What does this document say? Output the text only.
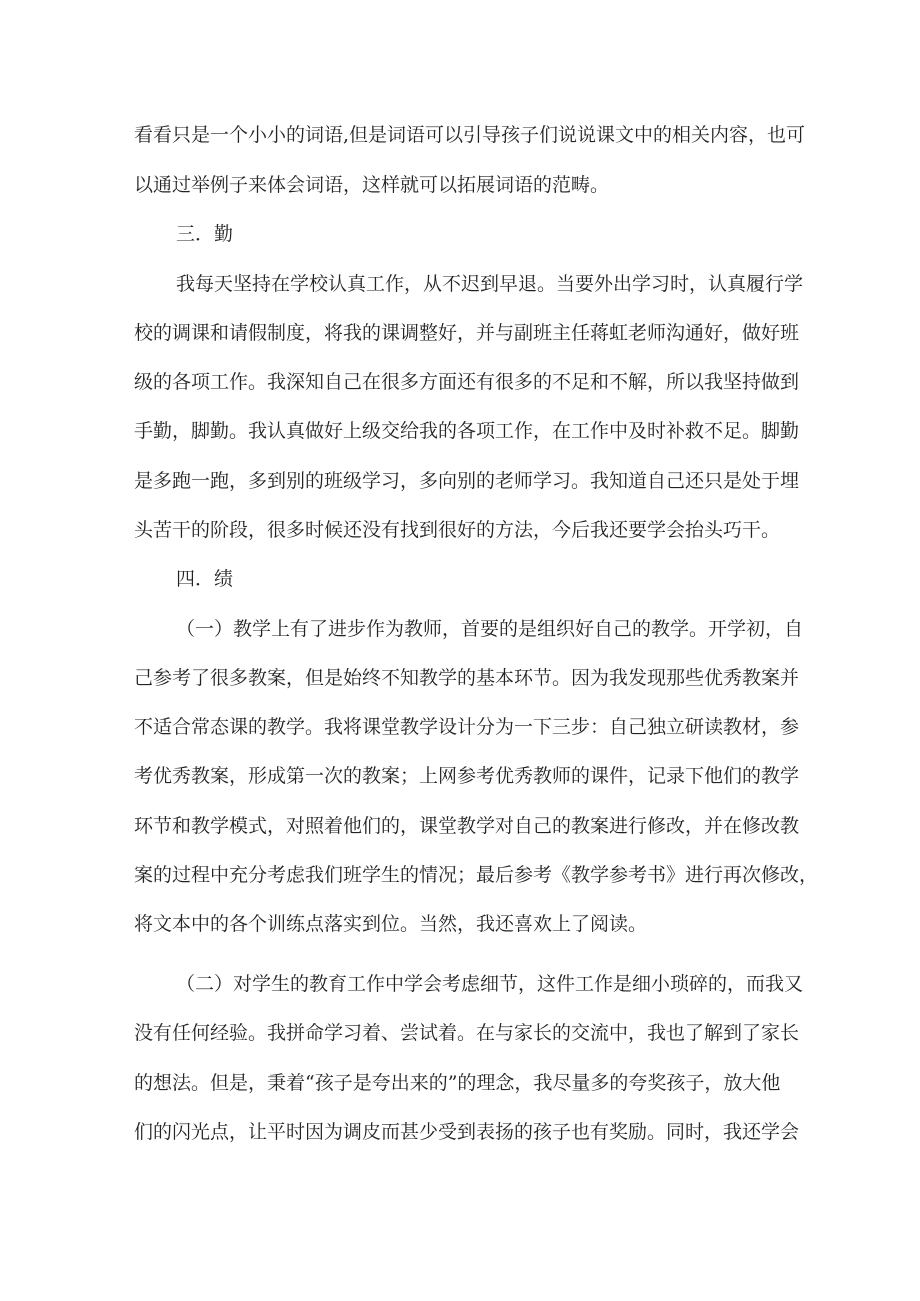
看看只是一个小小的词语,但是词语可以引导孩子们说说课文中的相关内容，也可
以通过举例子来体会词语，这样就可以拓展词语的范畴。
三．勤
我每天坚持在学校认真工作，从不迟到早退。当要外出学习时，认真履行学
校的调课和请假制度，将我的课调整好，并与副班主任蒋虹老师沟通好，做好班
级的各项工作。我深知自己在很多方面还有很多的不足和不解，所以我坚持做到
手勤，脚勤。我认真做好上级交给我的各项工作，在工作中及时补救不足。脚勤
是多跑一跑，多到别的班级学习，多向别的老师学习。我知道自己还只是处于埋
头苦干的阶段，很多时候还没有找到很好的方法，今后我还要学会抬头巧干。
四．绩
（一）教学上有了进步作为教师，首要的是组织好自己的教学。开学初，自
己参考了很多教案，但是始终不知教学的基本环节。因为我发现那些优秀教案并
不适合常态课的教学。我将课堂教学设计分为一下三步：自己独立研读教材，参
考优秀教案，形成第一次的教案；上网参考优秀教师的课件，记录下他们的教学
环节和教学模式，对照着他们的，课堂教学对自己的教案进行修改，并在修改教
案的过程中充分考虑我们班学生的情况；最后参考《教学参考书》进行再次修改，
将文本中的各个训练点落实到位。当然，我还喜欢上了阅读。
（二）对学生的教育工作中学会考虑细节，这件工作是细小琐碎的，而我又
没有任何经验。我拼命学习着、尝试着。在与家长的交流中，我也了解到了家长
的想法。但是，秉着“孩子是夸出来的”的理念，我尽量多的夸奖孩子，放大他
们的闪光点，让平时因为调皮而甚少受到表扬的孩子也有奖励。同时，我还学会
